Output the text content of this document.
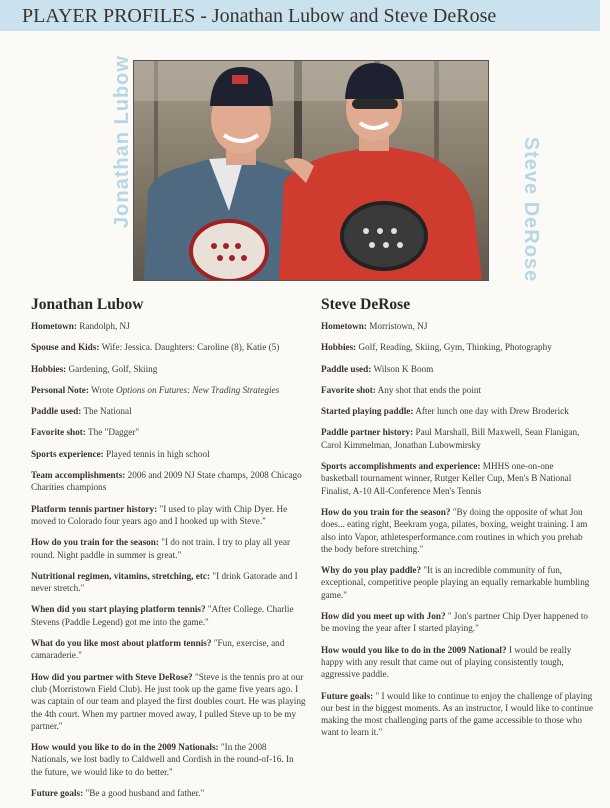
PLAYER PROFILES - Jonathan Lubow and Steve DeRose
Jonathan Lubow	Steve DeRose
Jonathan Lubow
Hometown: Randolph, NJ
Spouse and Kids: Wife: Jessica. Daughters: Caroline (8), Katie (5)
Hobbies: Gardening, Golf, Skiing
Personal Note: Wrote Options on Futures: New Trading Strategies
Paddle used: The National
Favorite shot: The "Dagger"
Sports experience: Played tennis in high school
Team accomplishments: 2006 and 2009 NJ State champs, 2008 Chicago Charities champions
Platform tennis partner history: "I used to play with Chip Dyer. He moved to Colorado four years ago and I hooked up with Steve."
How do you train for the season: "I do not train. I try to play all year round. Night paddle in summer is great."
Nutritional regimen, vitamins, stretching, etc: "I drink Gatorade and I never stretch."
When did you start playing platform tennis? "After College. Charlie Stevens (Paddle Legend) got me into the game."
What do you like most about platform tennis? "Fun, exercise, and camaraderie."
How did you partner with Steve DeRose? "Steve is the tennis pro at our club (Morristown Field Club). He just took up the game five years ago. I was captain of our team and played the first doubles court. He was playing the 4th court. When my partner moved away, I pulled Steve up to be my partner."
How would you like to do in the 2009 Nationals: "In the 2008 Nationals, we lost badly to Caldwell and Cordish in the round-of-16. In the future, we would like to do better."
Future goals: "Be a good husband and father."
Steve DeRose
Hometown: Morristown, NJ
Hobbies: Golf, Reading, Skiing, Gym, Thinking, Photography
Paddle used: Wilson K Boom
Favorite shot: Any shot that ends the point
Started playing paddle: After lunch one day with Drew Broderick
Paddle partner history: Paul Marshall, Bill Maxwell, Sean Flanigan, Carol Kimmelman, Jonathan Lubowmirsky
Sports accomplishments and experience: MHHS one-on-one basketball tournament winner, Rutger Keller Cup, Men's B National Finalist, A-10 All-Conference Men's Tennis
How do you train for the season? "By doing the opposite of what Jon does... eating right, Beekram yoga, pilates, boxing, weight training. I am also into Vapor, athletesperformance.com routines in which you prehab the body before stretching."
Why do you play paddle? "It is an incredible community of fun, exceptional, competitive people playing an equally remarkable humbling game."
How did you meet up with Jon? " Jon's partner Chip Dyer happened to be moving the year after I started playing."
How would you like to do in the 2009 National? I would be really happy with any result that came out of playing consistently tough, aggressive paddle.
Future goals: " I would like to continue to enjoy the challenge of playing our best in the biggest moments. As an instructor, I would like to continue making the most challenging parts of the game accessible to those who want to learn it."
